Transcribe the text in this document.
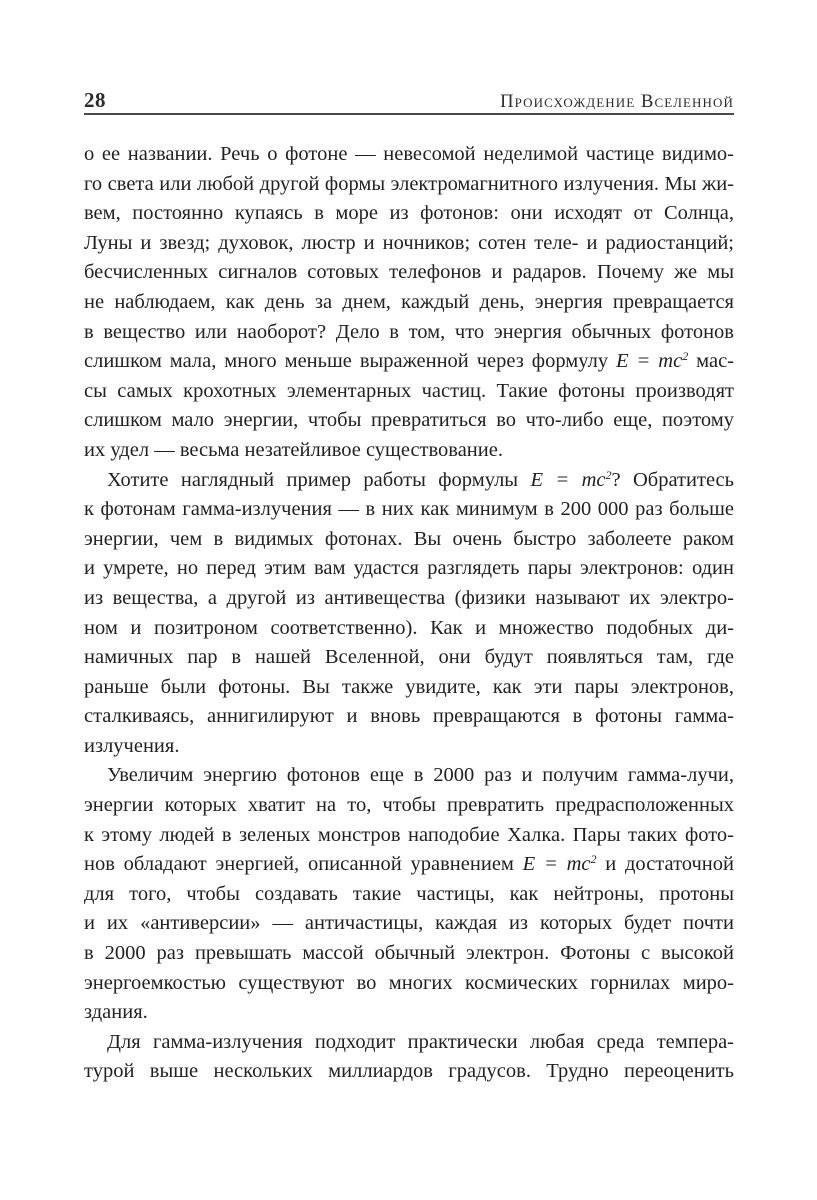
28	Происхождение Вселенной
о ее названии. Речь о фотоне — невесомой неделимой частице видимо-
го света или любой другой формы электромагнитного излучения. Мы жи-
вем, постоянно купаясь в море из фотонов: они исходят от Солнца,
Луны и звезд; духовок, люстр и ночников; сотен теле- и радиостанций;
бесчисленных сигналов сотовых телефонов и радаров. Почему же мы
не наблюдаем, как день за днем, каждый день, энергия превращается
в вещество или наоборот? Дело в том, что энергия обычных фотонов
слишком мала, много меньше выраженной через формулу $E = mc^2$ мас-
сы самых крохотных элементарных частиц. Такие фотоны производят
слишком мало энергии, чтобы превратиться во что-либо еще, поэтому
их удел — весьма незатейливое существование.
Хотите наглядный пример работы формулы $E = mc^2$? Обратитесь
к фотонам гамма-излучения — в них как минимум в 200 000 раз больше
энергии, чем в видимых фотонах. Вы очень быстро заболеете раком
и умрете, но перед этим вам удастся разглядеть пары электронов: один
из вещества, а другой из антивещества (физики называют их электро-
ном и позитроном соответственно). Как и множество подобных ди-
намичных пар в нашей Вселенной, они будут появляться там, где
раньше были фотоны. Вы также увидите, как эти пары электронов,
сталкиваясь, аннигилируют и вновь превращаются в фотоны гамма-
излучения.
Увеличим энергию фотонов еще в 2000 раз и получим гамма-лучи,
энергии которых хватит на то, чтобы превратить предрасположенных
к этому людей в зеленых монстров наподобие Халка. Пары таких фото-
нов обладают энергией, описанной уравнением $E = mc^2$ и достаточной
для того, чтобы создавать такие частицы, как нейтроны, протоны
и их «антиверсии» — античастицы, каждая из которых будет почти
в 2000 раз превышать массой обычный электрон. Фотоны с высокой
энергоемкостью существуют во многих космических горнилах миро-
здания.
Для гамма-излучения подходит практически любая среда темпера-
турой выше нескольких миллиардов градусов. Трудно переоценить
